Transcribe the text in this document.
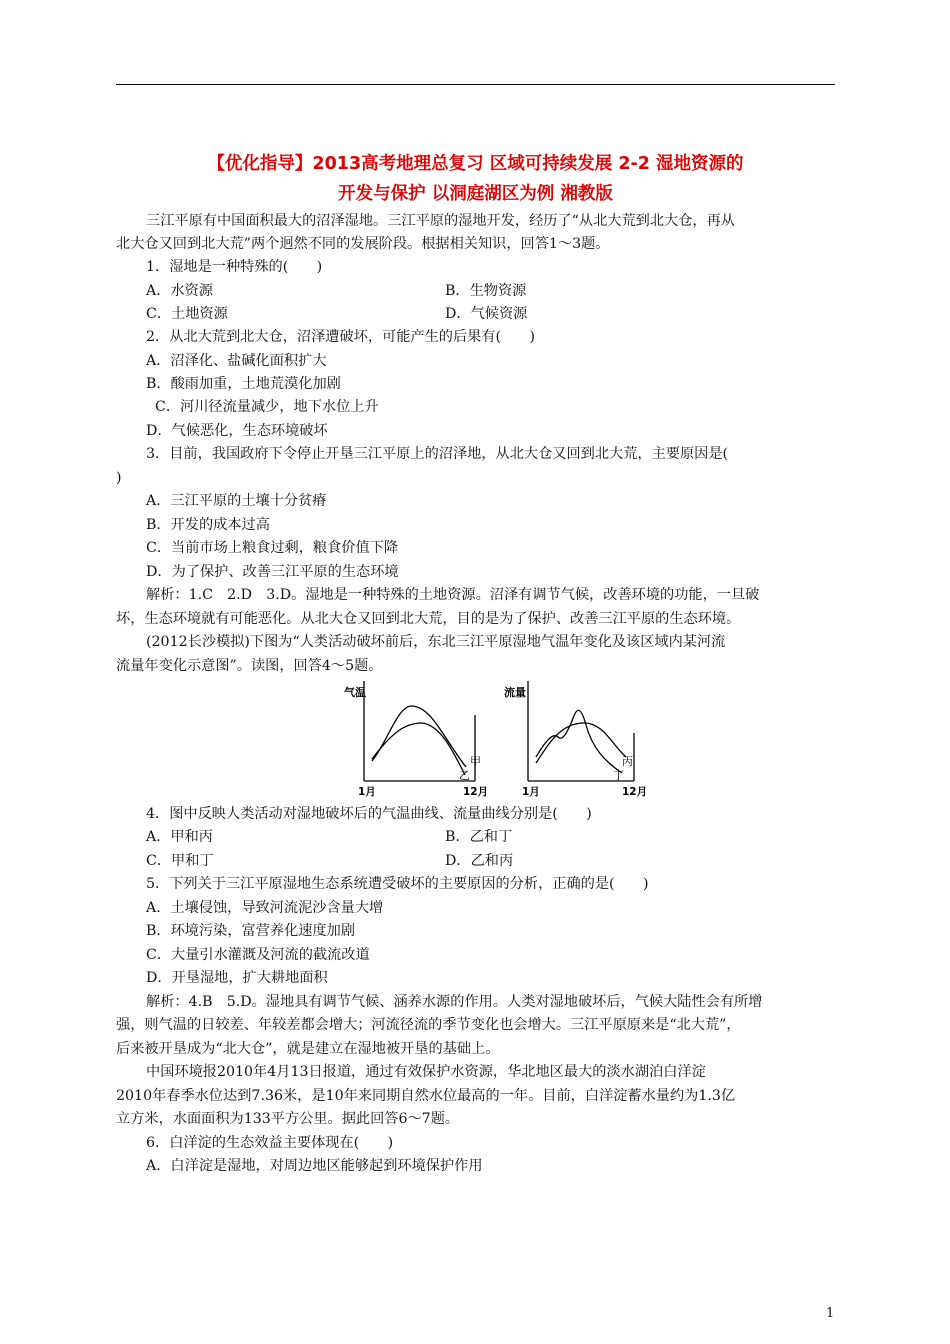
【优化指导】2013高考地理总复习 区域可持续发展 2-2 湿地资源的
开发与保护 以洞庭湖区为例 湘教版
三江平原有中国面积最大的沼泽湿地。三江平原的湿地开发，经历了“从北大荒到北大仓，再从
北大仓又回到北大荒”两个迥然不同的发展阶段。根据相关知识，回答1～3题。
1．湿地是一种特殊的(　　)
A．水资源	B．生物资源
C．土地资源	D．气候资源
2．从北大荒到北大仓，沼泽遭破坏，可能产生的后果有(　　)
A．沼泽化、盐碱化面积扩大
B．酸雨加重，土地荒漠化加剧
C．河川径流量减少，地下水位上升
D．气候恶化，生态环境破坏
3．目前，我国政府下令停止开垦三江平原上的沼泽地，从北大仓又回到北大荒，主要原因是(
)
A．三江平原的土壤十分贫瘠
B．开发的成本过高
C．当前市场上粮食过剩，粮食价值下降
D．为了保护、改善三江平原的生态环境
解析：1.C　2.D　3.D。湿地是一种特殊的土地资源。沼泽有调节气候，改善环境的功能，一旦破
坏，生态环境就有可能恶化。从北大仓又回到北大荒，目的是为了保护、改善三江平原的生态环境。
(2012长沙模拟)下图为“人类活动破坏前后，东北三江平原湿地气温年变化及该区域内某河流
流量年变化示意图”。读图，回答4～5题。
气温
甲
乙
1月	12月
流量
丙
丁
1月	12月
4．图中反映人类活动对湿地破坏后的气温曲线、流量曲线分别是(　　)
A．甲和丙	B．乙和丁
C．甲和丁	D．乙和丙
5．下列关于三江平原湿地生态系统遭受破坏的主要原因的分析，正确的是(　　)
A．土壤侵蚀，导致河流泥沙含量大增
B．环境污染，富营养化速度加剧
C．大量引水灌溉及河流的截流改道
D．开垦湿地，扩大耕地面积
解析：4.B　5.D。湿地具有调节气候、涵养水源的作用。人类对湿地破坏后，气候大陆性会有所增
强，则气温的日较差、年较差都会增大；河流径流的季节变化也会增大。三江平原原来是“北大荒”，
后来被开垦成为“北大仓”，就是建立在湿地被开垦的基础上。
中国环境报2010年4月13日报道，通过有效保护水资源，华北地区最大的淡水湖泊白洋淀
2010年春季水位达到7.36米，是10年来同期自然水位最高的一年。目前，白洋淀蓄水量约为1.3亿
立方米，水面面积为133平方公里。据此回答6～7题。
6．白洋淀的生态效益主要体现在(　　)
A．白洋淀是湿地，对周边地区能够起到环境保护作用
1
